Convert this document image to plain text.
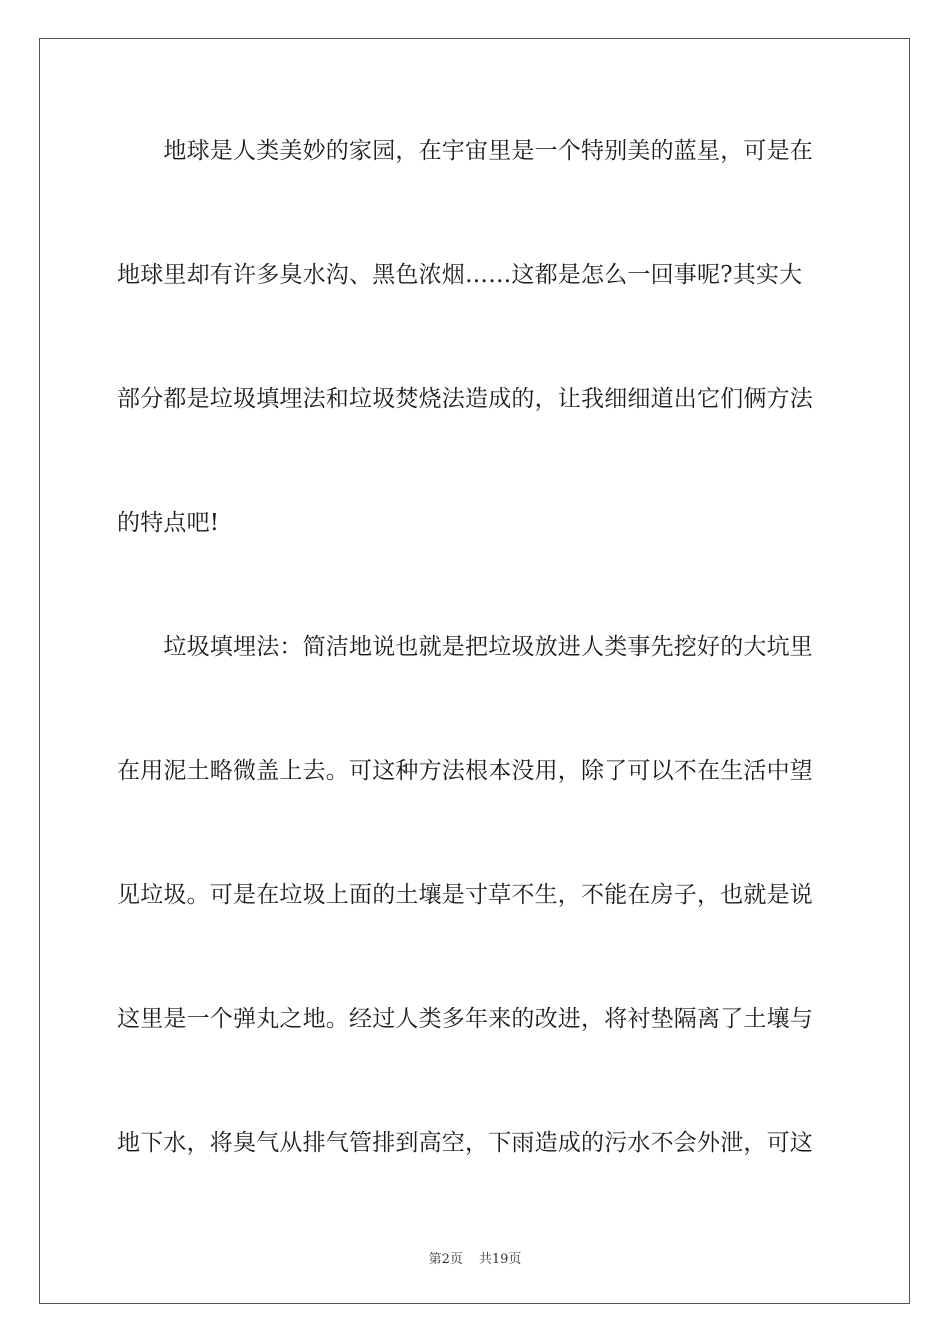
　　地球是人类美妙的家园，在宇宙里是一个特别美的蓝星，可是在
地球里却有许多臭水沟、黑色浓烟……这都是怎么一回事呢?其实大
部分都是垃圾填埋法和垃圾焚烧法造成的，让我细细道出它们俩方法
的特点吧!
　　垃圾填埋法：简洁地说也就是把垃圾放进人类事先挖好的大坑里
在用泥土略微盖上去。可这种方法根本没用，除了可以不在生活中望
见垃圾。可是在垃圾上面的土壤是寸草不生，不能在房子，也就是说
这里是一个弹丸之地。经过人类多年来的改进，将衬垫隔离了土壤与
地下水，将臭气从排气管排到高空，下雨造成的污水不会外泄，可这
第2页 共19页
